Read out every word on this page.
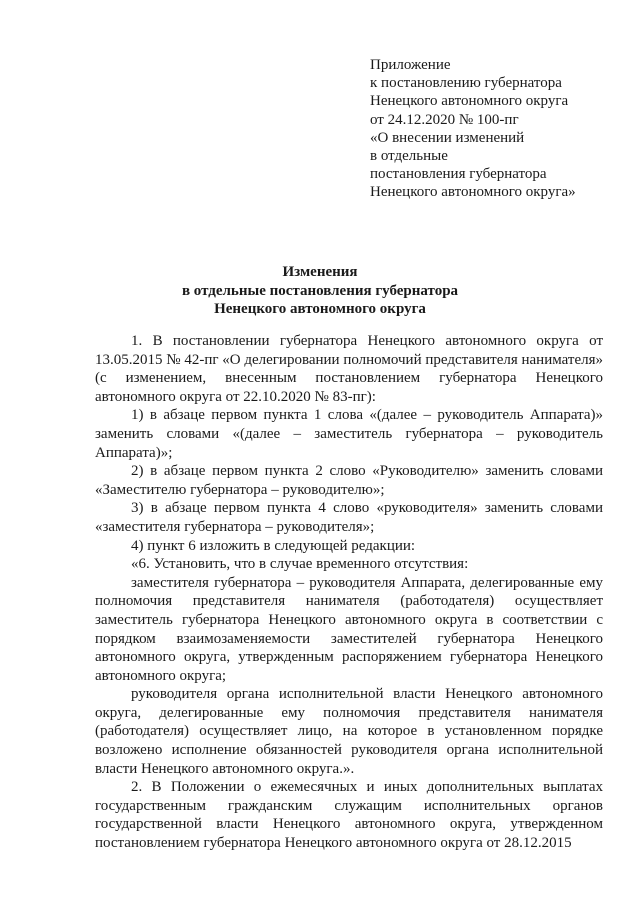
Приложение
к постановлению губернатора
Ненецкого автономного округа
от 24.12.2020 № 100-пг
«О внесении изменений
в отдельные
постановления губернатора
Ненецкого автономного округа»
Изменения
в отдельные постановления губернатора
Ненецкого автономного округа

1. В постановлении губернатора Ненецкого автономного округа от 13.05.2015 № 42-пг «О делегировании полномочий представителя нанимателя» (с изменением, внесенным постановлением губернатора Ненецкого автономного округа от 22.10.2020 № 83-пг):

1) в абзаце первом пункта 1 слова «(далее – руководитель Аппарата)» заменить словами «(далее – заместитель губернатора – руководитель Аппарата)»;

2) в абзаце первом пункта 2 слово «Руководителю» заменить словами «Заместителю губернатора – руководителю»;

3) в абзаце первом пункта 4 слово «руководителя» заменить словами «заместителя губернатора – руководителя»;

4) пункт 6 изложить в следующей редакции:

«6. Установить, что в случае временного отсутствия:

заместителя губернатора – руководителя Аппарата, делегированные ему полномочия представителя нанимателя (работодателя) осуществляет заместитель губернатора Ненецкого автономного округа в соответствии с порядком взаимозаменяемости заместителей губернатора Ненецкого автономного округа, утвержденным распоряжением губернатора Ненецкого автономного округа;

руководителя органа исполнительной власти Ненецкого автономного округа, делегированные ему полномочия представителя нанимателя (работодателя) осуществляет лицо, на которое в установленном порядке возложено исполнение обязанностей руководителя органа исполнительной власти Ненецкого автономного округа.».

2. В Положении о ежемесячных и иных дополнительных выплатах государственным гражданским служащим исполнительных органов государственной власти Ненецкого автономного округа, утвержденном постановлением губернатора Ненецкого автономного округа от 28.12.2015
